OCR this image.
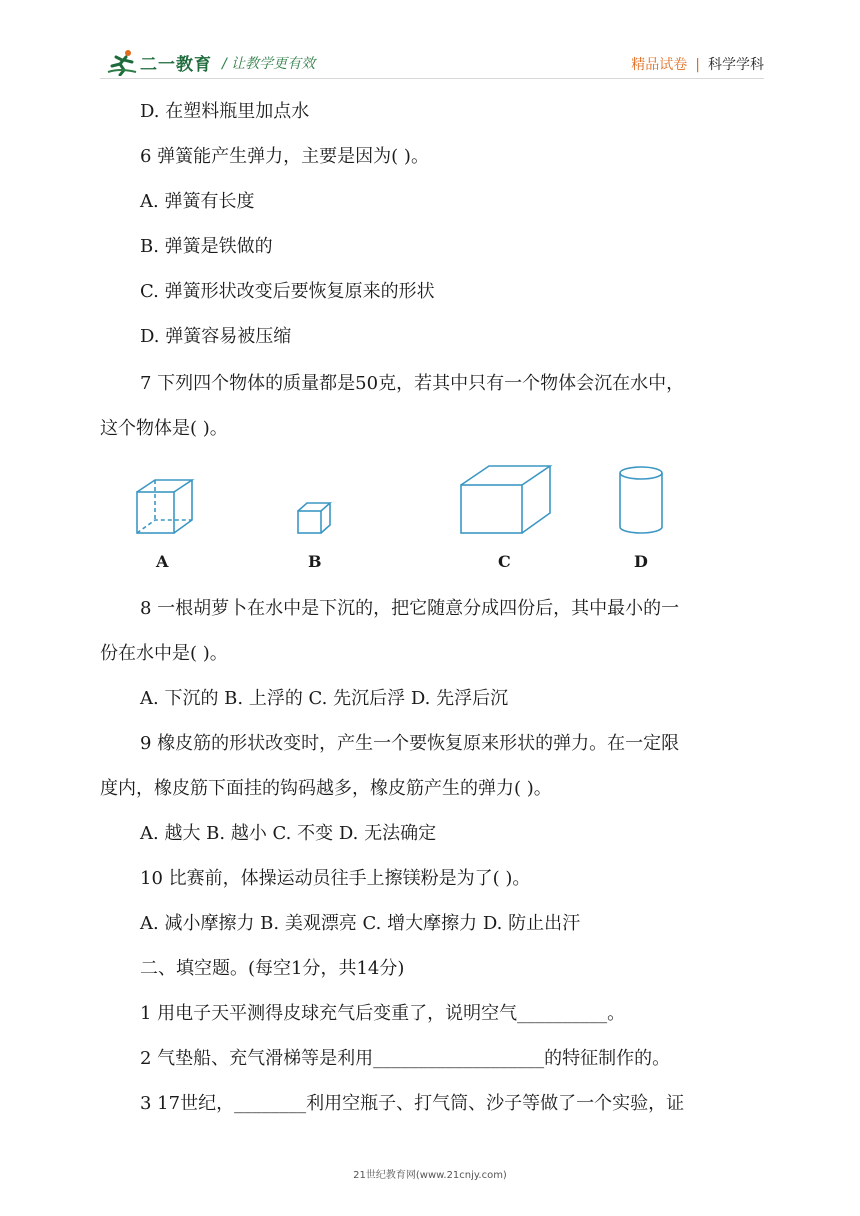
二一教育 / 让教学更有效	精品试卷 | 科学学科
D. 在塑料瓶里加点水
6 弹簧能产生弹力，主要是因为( )。
A. 弹簧有长度
B. 弹簧是铁做的
C. 弹簧形状改变后要恢复原来的形状
D. 弹簧容易被压缩
7 下列四个物体的质量都是50克，若其中只有一个物体会沉在水中，
这个物体是( )。
A	B	C	D
8 一根胡萝卜在水中是下沉的，把它随意分成四份后，其中最小的一
份在水中是( )。
A. 下沉的 B. 上浮的 C. 先沉后浮 D. 先浮后沉
9 橡皮筋的形状改变时，产生一个要恢复原来形状的弹力。在一定限
度内，橡皮筋下面挂的钩码越多，橡皮筋产生的弹力( )。
A. 越大 B. 越小 C. 不变 D. 无法确定
10 比赛前，体操运动员往手上擦镁粉是为了( )。
A. 减小摩擦力 B. 美观漂亮 C. 增大摩擦力 D. 防止出汗
二、填空题。(每空1分，共14分)
1 用电子天平测得皮球充气后变重了，说明空气__________。
2 气垫船、充气滑梯等是利用___________________的特征制作的。
3 17世纪，________利用空瓶子、打气筒、沙子等做了一个实验，证
21世纪教育网(www.21cnjy.com)
